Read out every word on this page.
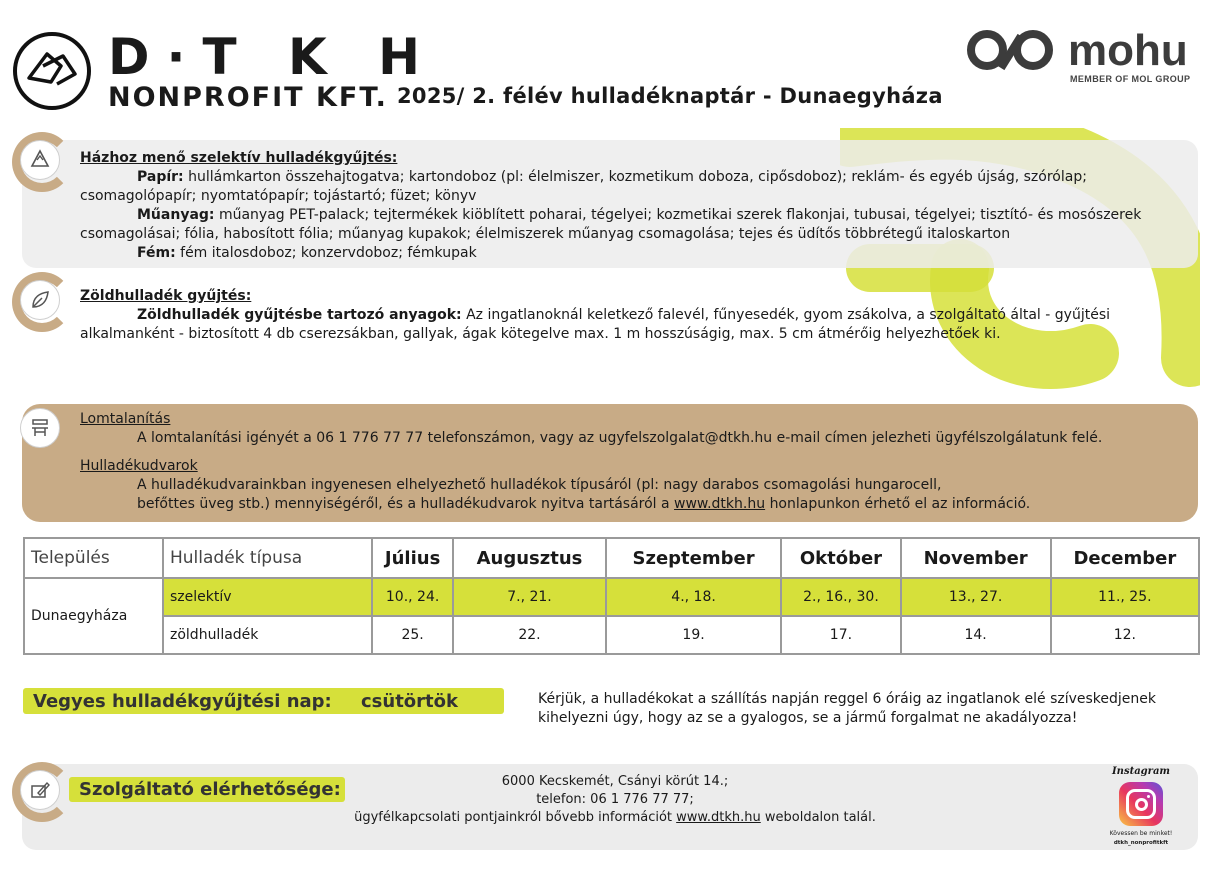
D·T K H
NONPROFIT KFT. 2025/ 2. félév hulladéknaptár - Dunaegyháza
mohu
MEMBER OF MOL GROUP
Házhoz menő szelektív hulladékgyűjtés:
Papír: hullámkarton összehajtogatva; kartondoboz (pl: élelmiszer, kozmetikum doboza, cipősdoboz); reklám- és egyéb újság, szórólap;
csomagolópapír; nyomtatópapír; tojástartó; füzet; könyv
Műanyag: műanyag PET-palack; tejtermékek kiöblített poharai, tégelyei; kozmetikai szerek flakonjai, tubusai, tégelyei; tisztító- és mosószerek
csomagolásai; fólia, habosított fólia; műanyag kupakok; élelmiszerek műanyag csomagolása; tejes és üdítős többrétegű italoskarton
Fém: fém italosdoboz; konzervdoboz; fémkupak
Zöldhulladék gyűjtés:
Zöldhulladék gyűjtésbe tartozó anyagok: Az ingatlanoknál keletkező falevél, fűnyesedék, gyom zsákolva, a szolgáltató által - gyűjtési
alkalmanként - biztosított 4 db cserezsákban, gallyak, ágak kötegelve max. 1 m hosszúságig, max. 5 cm átmérőig helyezhetőek ki.
Lomtalanítás
A lomtalanítási igényét a 06 1 776 77 77 telefonszámon, vagy az ugyfelszolgalat@dtkh.hu e-mail címen jelezheti ügyfélszolgálatunk felé.
Hulladékudvarok
A hulladékudvarainkban ingyenesen elhelyezhető hulladékok típusáról (pl: nagy darabos csomagolási hungarocell,
befőttes üveg stb.) mennyiségéről, és a hulladékudvarok nyitva tartásáról a www.dtkh.hu honlapunkon érhető el az információ.
Település	Hulladék típusa	Július	Augusztus	Szeptember	Október	November	December
Dunaegyháza	szelektív	10., 24.	7., 21.	4., 18.	2., 16., 30.	13., 27.	11., 25.
	zöldhulladék	25.	22.	19.	17.	14.	12.
Vegyes hulladékgyűjtési nap:	csütörtök	Kérjük, a hulladékokat a szállítás napján reggel 6 óráig az ingatlanok elé szíveskedjenek
kihelyezni úgy, hogy az se a gyalogos, se a jármű forgalmat ne akadályozza!
Szolgáltató elérhetősége:	6000 Kecskemét, Csányi körút 14.;
telefon: 06 1 776 77 77;
ügyfélkapcsolati pontjainkról bővebb információt www.dtkh.hu weboldalon talál.
Instagram
Kövessen be minket!
dtkh_nonprofitkft
